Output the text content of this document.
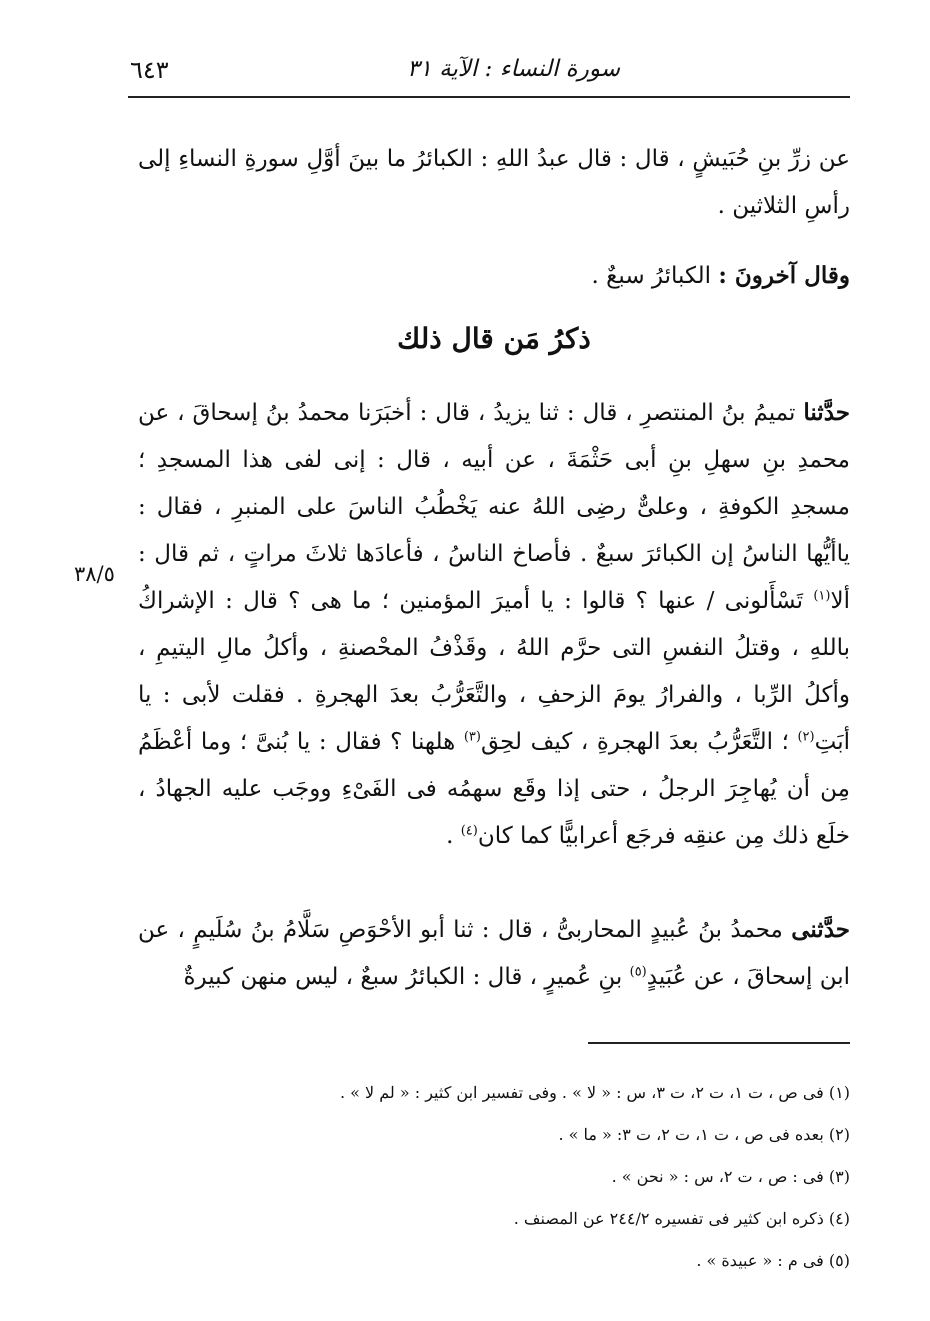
سورة النساء : الآية ٣١
٦٤٣

عن زرِّ بنِ حُبَيشٍ ، قال : قال عبدُ اللهِ : الكبائرُ ما بينَ أوَّلِ سورةِ النساءِ إلى رأسِ الثلاثين .

وقال آخرونَ : الكبائرُ سبعٌ .

ذكرُ مَن قال ذلك

حدَّثنا تميمُ بنُ المنتصرِ ، قال : ثنا يزيدُ ، قال : أخبَرَنا محمدُ بنُ إسحاقَ ، عن محمدِ بنِ سهلِ بنِ أبى حَثْمَةَ ، عن أبيه ، قال : إنى لفى هذا المسجدِ ؛ مسجدِ الكوفةِ ، وعلىٌّ رضِى اللهُ عنه يَخْطُبُ الناسَ على المنبرِ ، فقال : ياأيُّها الناسُ إن الكبائرَ سبعٌ . فأصاخ الناسُ ، فأعادَها ثلاثَ مراتٍ ، ثم قال : ألا$^{(١)}$ تَسْأَلونى / عنها ؟ قالوا : يا أميرَ المؤمنين ؛ ما هى ؟ قال : الإشراكُ باللهِ ، وقتلُ النفسِ التى حرَّم اللهُ ، وقَذْفُ المحْصنةِ ، وأكلُ مالِ اليتيمِ ، وأكلُ الرِّبا ، والفرارُ يومَ الزحفِ ، والتَّعَرُّبُ بعدَ الهجرةِ . فقلت لأبى : يا أبَتِ$^{(٢)}$ ؛ التَّعَرُّبُ بعدَ الهجرةِ ، كيف لحِق$^{(٣)}$ هلهنا ؟ فقال : يا بُنىَّ ؛ وما أعْظَمُ مِن أن يُهاجِرَ الرجلُ ، حتى إذا وقَع سهمُه فى الفَىْءِ ووجَب عليه الجهادُ ، خلَع ذلك مِن عنقِه فرجَع أعرابيًّا كما كان$^{(٤)}$ .

٣٨/٥

حدَّثنى محمدُ بنُ عُبيدٍ المحاربىُّ ، قال : ثنا أبو الأحْوَصِ سَلَّامُ بنُ سُلَيمٍ ، عن ابن إسحاقَ ، عن عُبَيدٍ$^{(٥)}$ بنِ عُميرٍ ، قال : الكبائرُ سبعٌ ، ليس منهن كبيرةٌ

(١) فى ص ، ت ١، ت ٢، ت ٣، س : « لا » . وفى تفسير ابن كثير : « لم لا » .

(٢) بعده فى ص ، ت ١، ت ٢، ت ٣: « ما » .

(٣) فى : ص ، ت ٢، س : « نحن » .

(٤) ذكره ابن كثير فى تفسيره ٢٤٤/٢ عن المصنف .

(٥) فى م : « عبيدة » .
